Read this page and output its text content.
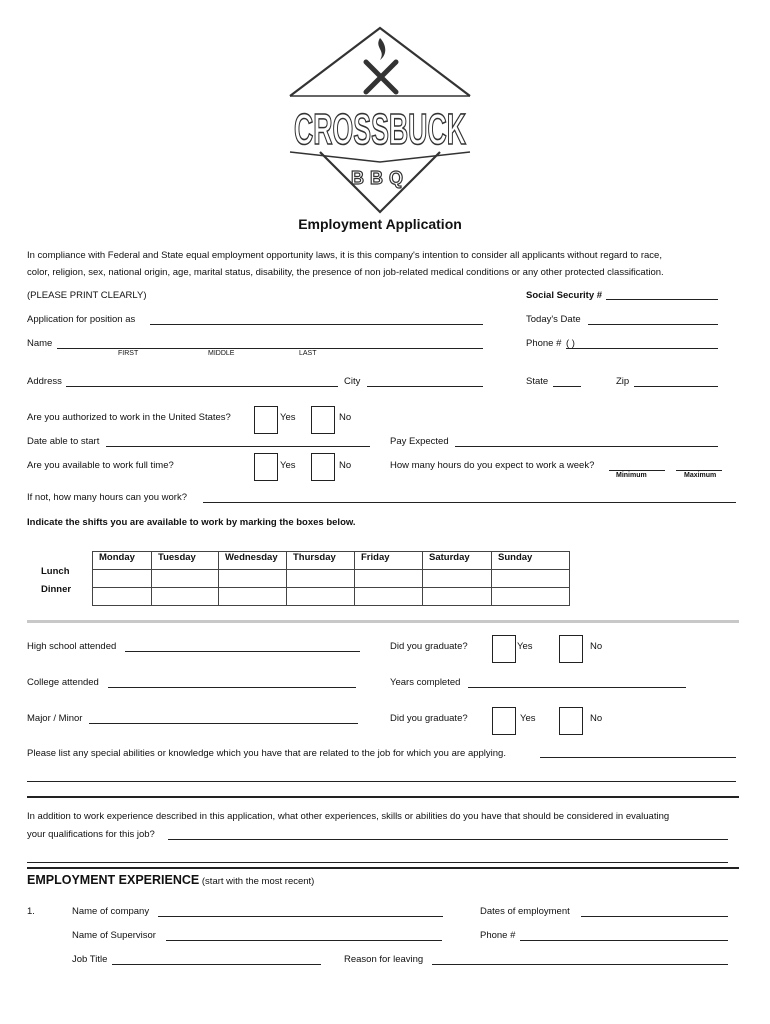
CROSSBUCK
BBQ
Employment Application
In compliance with Federal and State equal employment opportunity laws, it is this company's intention to consider all applicants without regard to race,
color, religion, sex, national origin, age, marital status, disability, the presence of non job-related medical conditions or any other protected classification.
(PLEASE PRINT CLEARLY)	Social Security #
Application for position as	Today's Date
Name
FIRST	MIDDLE	LAST
Phone # ( )
Address	City	State	Zip
Are you authorized to work in the United States?	Yes	No
Date able to start	Pay Expected
Are you available to work full time?	Yes	No	How many hours do you expect to work a week?
Minimum	Maximum
If not, how many hours can you work?
Indicate the shifts you are available to work by marking the boxes below.
Lunch
Dinner
Monday	Tuesday	Wednesday	Thursday	Friday	Saturday	Sunday

High school attended	Did you graduate?	Yes	No
College attended	Years completed
Major / Minor	Did you graduate?	Yes	No
Please list any special abilities or knowledge which you have that are related to the job for which you are applying.
In addition to work experience described in this application, what other experiences, skills or abilities do you have that should be considered in evaluating
your qualifications for this job?
EMPLOYMENT EXPERIENCE (start with the most recent)
1.	Name of company	Dates of employment
Name of Supervisor	Phone #
Job Title	Reason for leaving
